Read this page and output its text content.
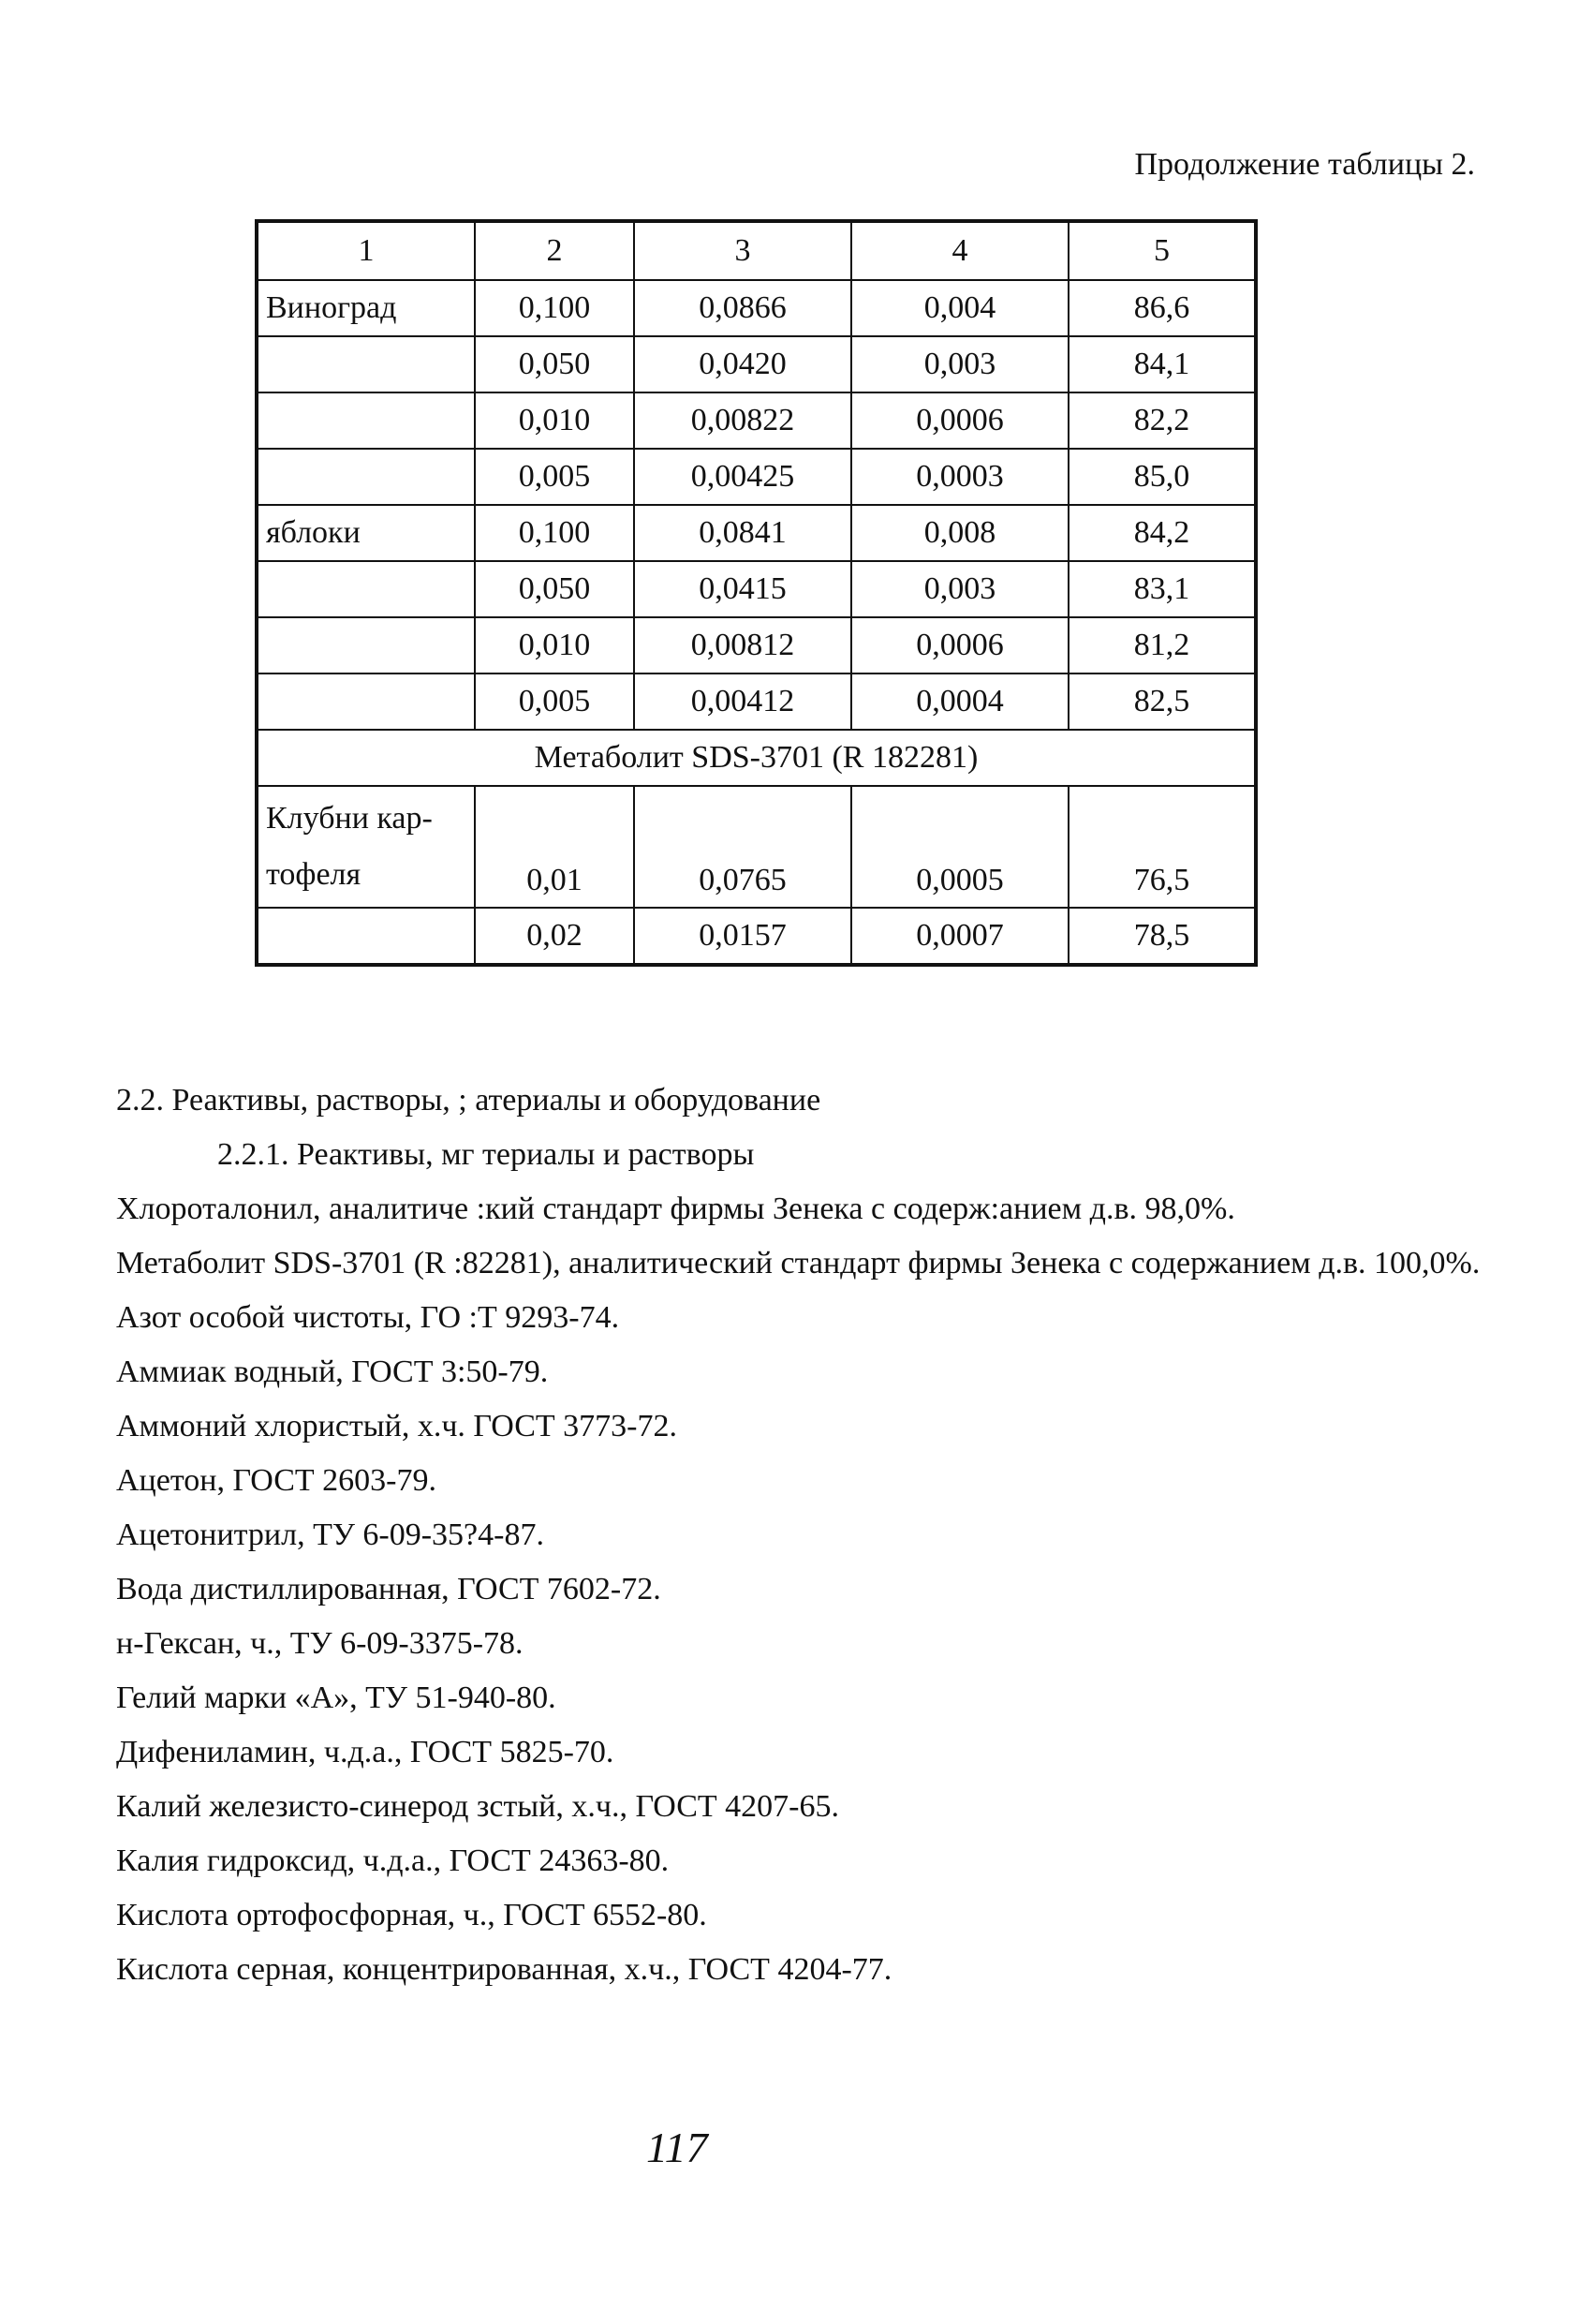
Продолжение таблицы 2.
1	2	3	4	5
Виноград	0,100	0,0866	0,004	86,6
	0,050	0,0420	0,003	84,1
	0,010	0,00822	0,0006	82,2
	0,005	0,00425	0,0003	85,0
яблоки	0,100	0,0841	0,008	84,2
	0,050	0,0415	0,003	83,1
	0,010	0,00812	0,0006	81,2
	0,005	0,00412	0,0004	82,5
Метаболит SDS-3701 (R 182281)				
Клубни кар-тофеля	0,01	0,0765	0,0005	76,5
	0,02	0,0157	0,0007	78,5

2.2. Реактивы, растворы, ; атериалы и оборудование

2.2.1. Реактивы, мг териалы и растворы

Хлороталонил, аналитиче :кий стандарт фирмы Зенека с содерж:анием д.в. 98,0%.

Метаболит SDS-3701 (R :82281), аналитический стандарт фирмы Зенека с содержанием д.в. 100,0%.

Азот особой чистоты, ГО :Т 9293-74.

Аммиак водный, ГОСТ 3:50-79.

Аммоний хлористый, х.ч. ГОСТ 3773-72.

Ацетон, ГОСТ 2603-79.

Ацетонитрил, ТУ 6-09-35?4-87.

Вода дистиллированная, ГОСТ 7602-72.

н-Гексан, ч., ТУ 6-09-3375-78.

Гелий марки «А», ТУ 51-940-80.

Дифениламин, ч.д.а., ГОСТ 5825-70.

Калий железисто-синерод зстый, х.ч., ГОСТ 4207-65.

Калия гидроксид, ч.д.а., ГОСТ 24363-80.

Кислота ортофосфорная, ч., ГОСТ 6552-80.

Кислота серная, концентрированная, х.ч., ГОСТ 4204-77.

117
